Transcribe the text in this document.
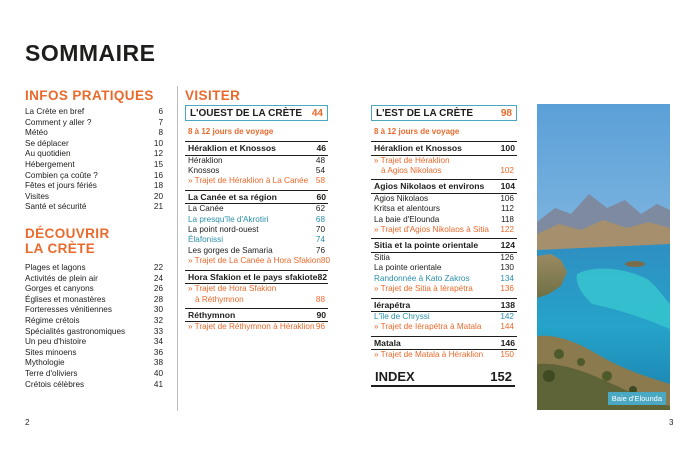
SOMMAIRE
INFOS PRATIQUES
La Crète en bref	6
Comment y aller ?	7
Météo	8
Se déplacer	10
Au quotidien	12
Hébergement	15
Combien ça coûte ?	16
Fêtes et jours fériés	18
Visites	20
Santé et sécurité	21
DÉCOUVRIR
LA CRÈTE
Plages et lagons	22
Activités de plein air	24
Gorges et canyons	26
Églises et monastères	28
Forteresses vénitiennes	30
Régime crétois	32
Spécialités gastronomiques	33
Un peu d'histoire	34
Sites minoens	36
Mythologie	38
Terre d'oliviers	40
Crétois célèbres	41
VISITER
L'OUEST DE LA CRÈTE 44
8 à 12 jours de voyage
Héraklion et Knossos	46
Héraklion	48
Knossos	54
» Trajet de Héraklion à La Canée 58
La Canée et sa région	60
La Canée	62
La presqu'île d'Akrotiri	68
La point nord-ouest	70
Élafonissi	74
Les gorges de Samaria	76
» Trajet de La Canée à Hora Sfakion 80
Hora Sfakion et le pays sfakiote 82
» Trajet de Hora Sfakion
à Réthymnon	88
Réthymnon	90
» Trajet de Réthymnon à Héraklion 96
L'EST DE LA CRÈTE	98
8 à 12 jours de voyage
Héraklion et Knossos	100
» Trajet de Héraklion
à Agios Nikolaos	102
Agios Nikolaos et environs 104
Agios Nikolaos	106
Kritsa et alentours	112
La baie d'Elounda	118
» Trajet d'Agios Nikolaos à Sitia 122
Sitia et la pointe orientale	124
Sitia	126
La pointe orientale	130
Randonnée à Kato Zakros	134
» Trajet de Sitia à Iérapétra	136
Iérapétra	138
L'île de Chryssi	142
» Trajet de Iérapétra à Matala 144
Matala	146
» Trajet de Matala à Héraklion 150
INDEX	152
Baie d'Elounda
2	3
